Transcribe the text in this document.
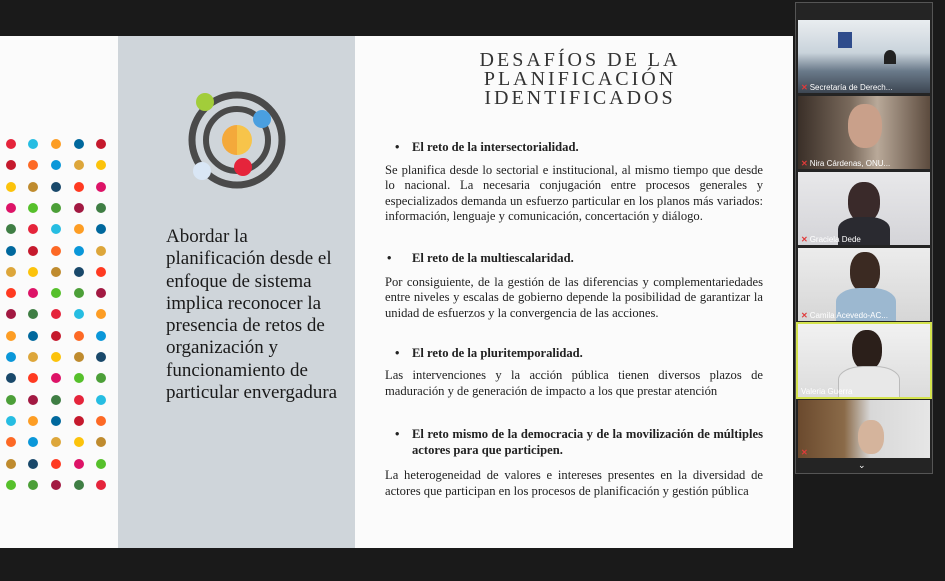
Abordar la planificación desde el enfoque de sistema implica reconocer la presencia de retos de organización y funcionamiento de particular envergadura
DESAFÍOS DE LA
PLANIFICACIÓN
IDENTIFICADOS
• El reto de la intersectorialidad.

Se planifica desde lo sectorial e institucional, al mismo tiempo que desde lo nacional. La necesaria conjugación entre procesos generales y especializados demanda un esfuerzo particular en los planos más variados: información, lenguaje y comunicación, concertación y diálogo.

•	El reto de la multiescalaridad.

Por consiguiente, de la gestión de las diferencias y complementariedades entre niveles y escalas de gobierno depende la posibilidad de garantizar la unidad de esfuerzos y la convergencia de las acciones.

• El reto de la pluritemporalidad.

Las intervenciones y la acción pública tienen diversos plazos de maduración y de generación de impacto a los que prestar atención

• El reto mismo de la democracia y de la movilización de múltiples actores para que participen.

La heterogeneidad de valores e intereses presentes en la diversidad de actores que participan en los procesos de planificación y gestión pública

✕ Secretaría de Derech...
✕ Nira Cárdenas, ONU...
✕ Graciela Dede
✕ Camila Acevedo-AC...
Valeria Guerra
✕
⌄
